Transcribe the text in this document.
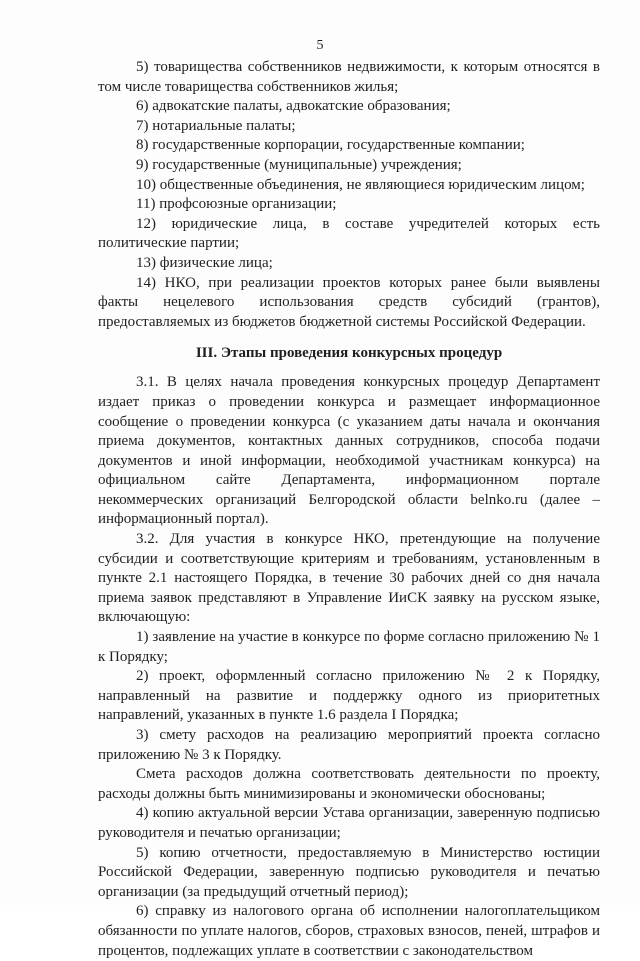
5

5) товарищества собственников недвижимости, к которым относятся в том числе товарищества собственников жилья;

6) адвокатские палаты, адвокатские образования;

7) нотариальные палаты;

8) государственные корпорации, государственные компании;

9) государственные (муниципальные) учреждения;

10) общественные объединения, не являющиеся юридическим лицом;

11) профсоюзные организации;

12) юридические лица, в составе учредителей которых есть политические партии;

13) физические лица;

14) НКО, при реализации проектов которых ранее были выявлены факты нецелевого использования средств субсидий (грантов), предоставляемых из бюджетов бюджетной системы Российской Федерации.

III. Этапы проведения конкурсных процедур

3.1. В целях начала проведения конкурсных процедур Департамент издает приказ о проведении конкурса и размещает информационное сообщение о проведении конкурса (с указанием даты начала и окончания приема документов, контактных данных сотрудников, способа подачи документов и иной информации, необходимой участникам конкурса) на официальном сайте Департамента, информационном портале некоммерческих организаций Белгородской области belnko.ru (далее – информационный портал).

3.2. Для участия в конкурсе НКО, претендующие на получение субсидии и соответствующие критериям и требованиям, установленным в пункте 2.1 настоящего Порядка, в течение 30 рабочих дней со дня начала приема заявок представляют в Управление ИиСК заявку на русском языке, включающую:

1) заявление на участие в конкурсе по форме согласно приложению № 1 к Порядку;

2) проект, оформленный согласно приложению № 2 к Порядку, направленный на развитие и поддержку одного из приоритетных направлений, указанных в пункте 1.6 раздела I Порядка;

3) смету расходов на реализацию мероприятий проекта согласно приложению № 3 к Порядку.

Смета расходов должна соответствовать деятельности по проекту, расходы должны быть минимизированы и экономически обоснованы;

4) копию актуальной версии Устава организации, заверенную подписью руководителя и печатью организации;

5) копию отчетности, предоставляемую в Министерство юстиции Российской Федерации, заверенную подписью руководителя и печатью организации (за предыдущий отчетный период);

6) справку из налогового органа об исполнении налогоплательщиком обязанности по уплате налогов, сборов, страховых взносов, пеней, штрафов и процентов, подлежащих уплате в соответствии с законодательством
